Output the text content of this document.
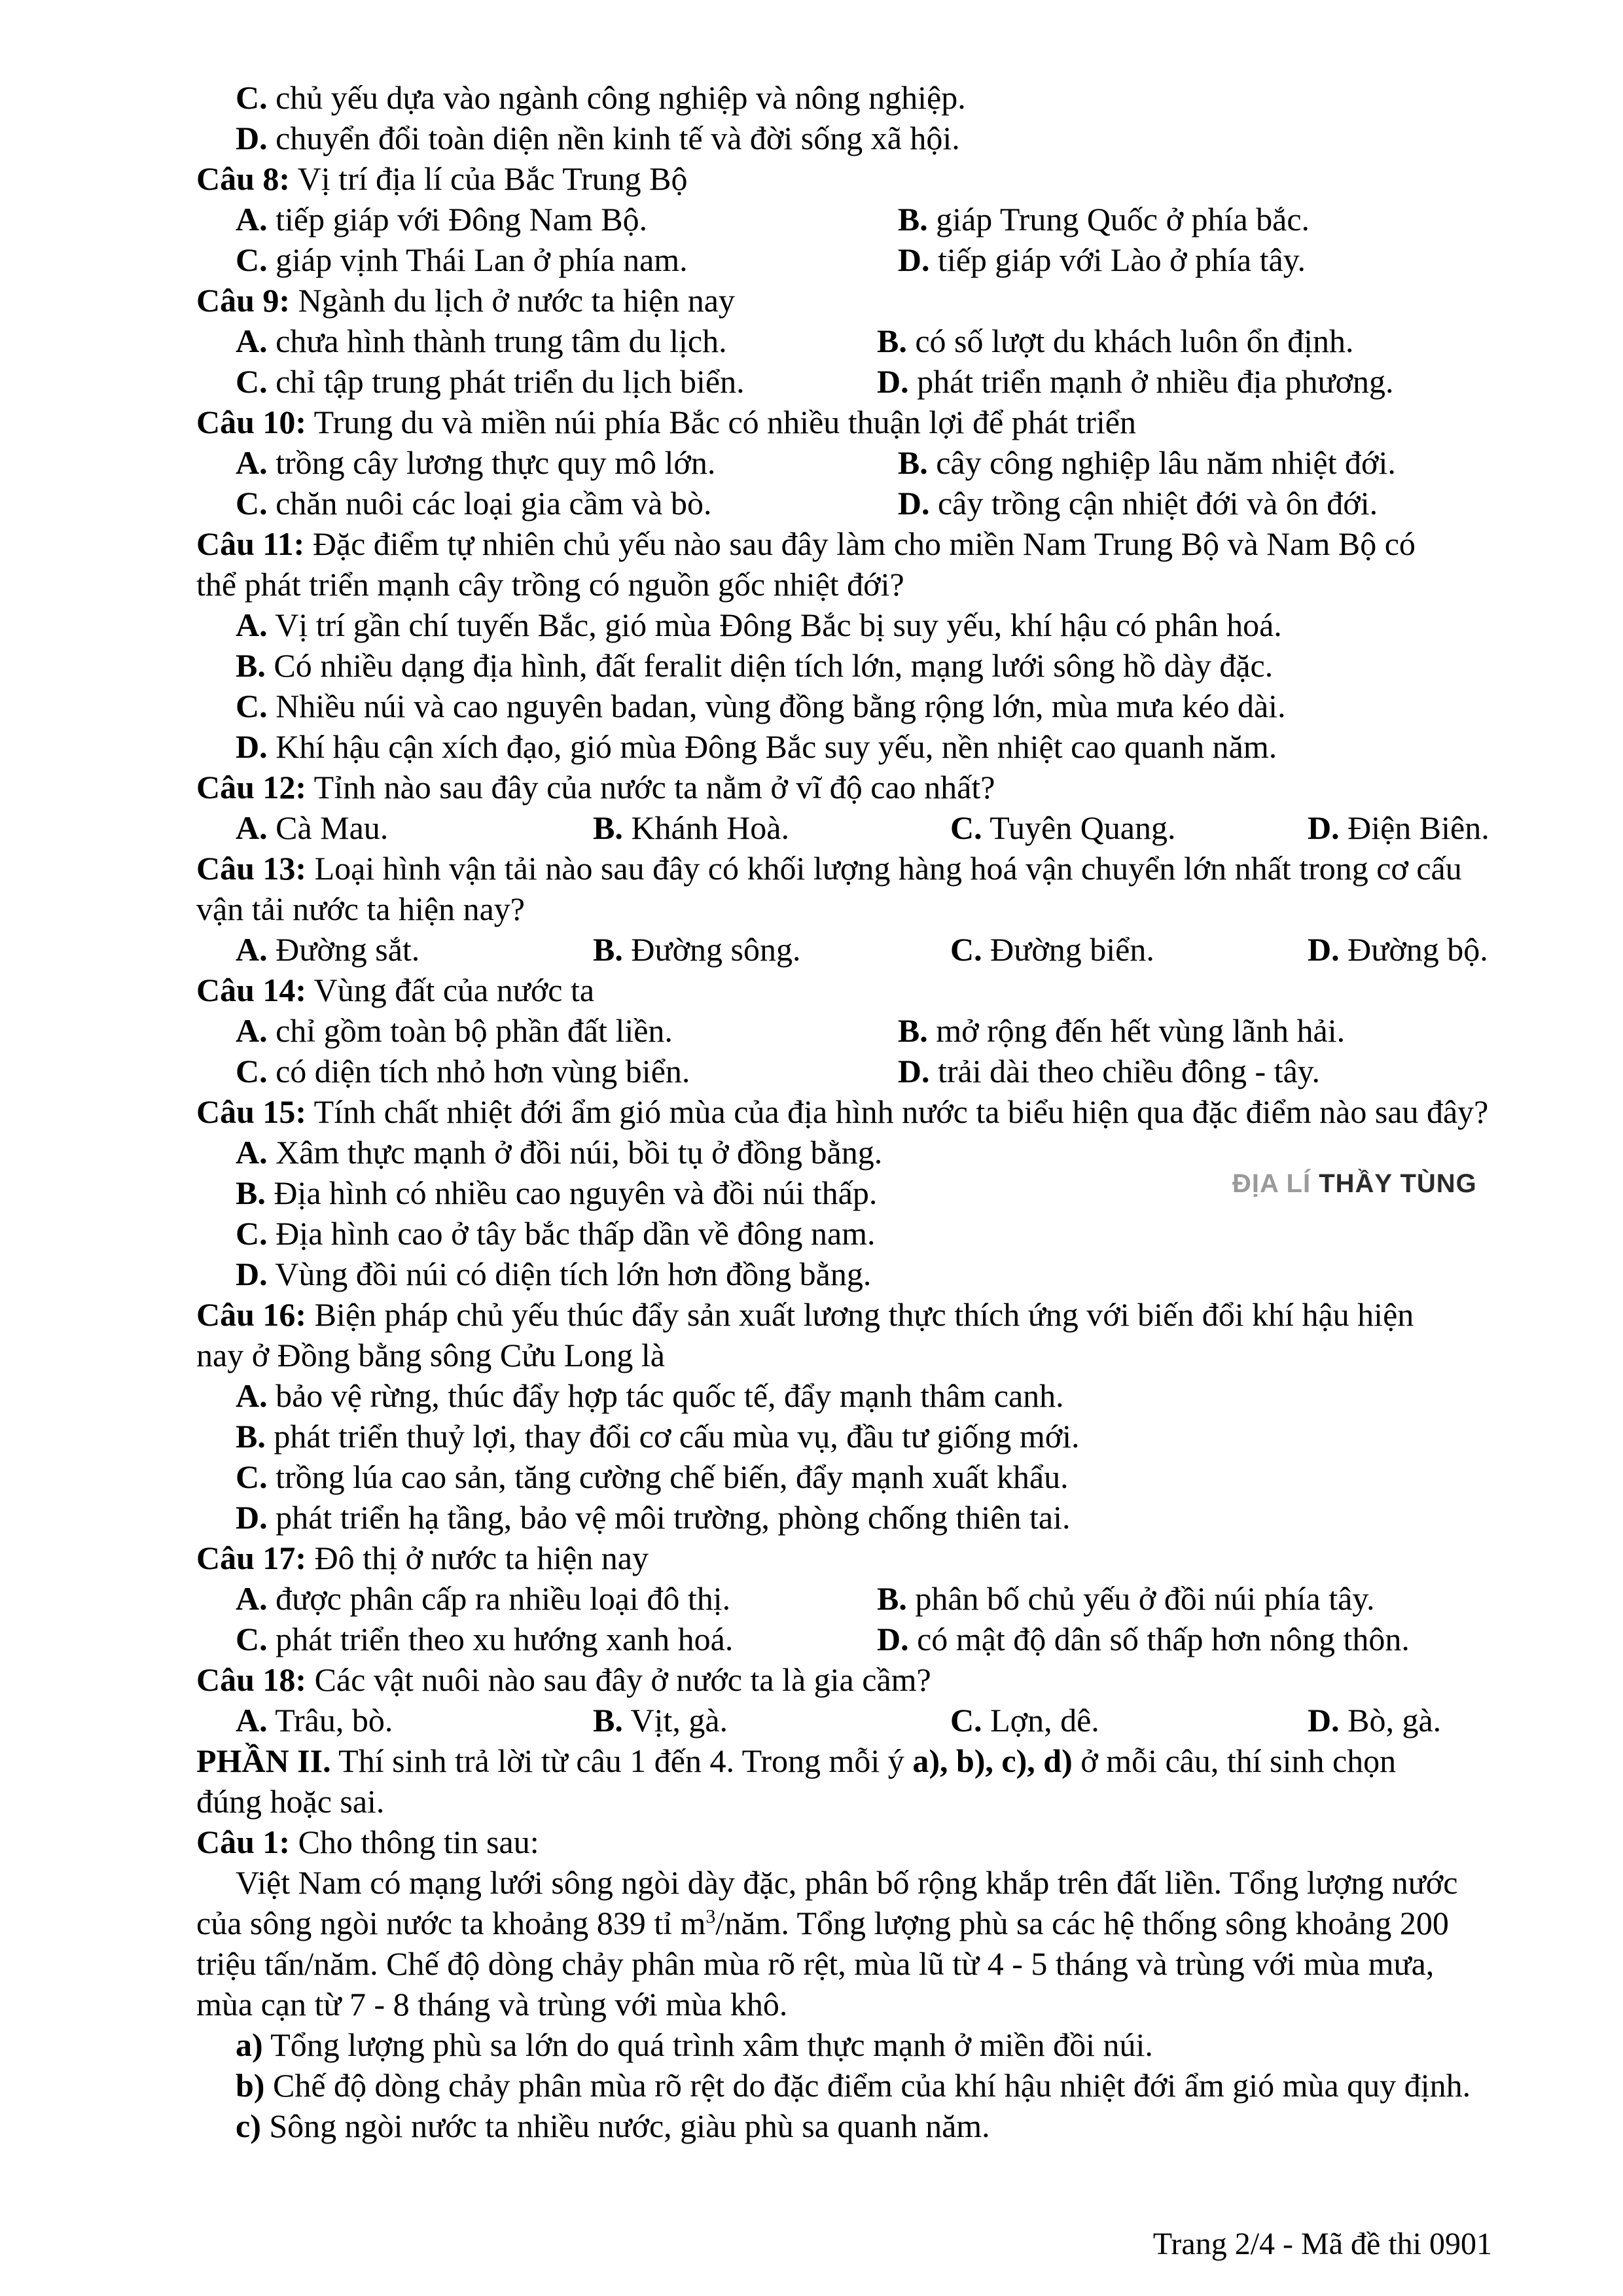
C. chủ yếu dựa vào ngành công nghiệp và nông nghiệp.
D. chuyển đổi toàn diện nền kinh tế và đời sống xã hội.
Câu 8: Vị trí địa lí của Bắc Trung Bộ
A. tiếp giáp với Đông Nam Bộ.	B. giáp Trung Quốc ở phía bắc.
C. giáp vịnh Thái Lan ở phía nam.	D. tiếp giáp với Lào ở phía tây.
Câu 9: Ngành du lịch ở nước ta hiện nay
A. chưa hình thành trung tâm du lịch.	B. có số lượt du khách luôn ổn định.
C. chỉ tập trung phát triển du lịch biển.	D. phát triển mạnh ở nhiều địa phương.
Câu 10: Trung du và miền núi phía Bắc có nhiều thuận lợi để phát triển
A. trồng cây lương thực quy mô lớn.	B. cây công nghiệp lâu năm nhiệt đới.
C. chăn nuôi các loại gia cầm và bò.	D. cây trồng cận nhiệt đới và ôn đới.
Câu 11: Đặc điểm tự nhiên chủ yếu nào sau đây làm cho miền Nam Trung Bộ và Nam Bộ có
thể phát triển mạnh cây trồng có nguồn gốc nhiệt đới?
A. Vị trí gần chí tuyến Bắc, gió mùa Đông Bắc bị suy yếu, khí hậu có phân hoá.
B. Có nhiều dạng địa hình, đất feralit diện tích lớn, mạng lưới sông hồ dày đặc.
C. Nhiều núi và cao nguyên badan, vùng đồng bằng rộng lớn, mùa mưa kéo dài.
D. Khí hậu cận xích đạo, gió mùa Đông Bắc suy yếu, nền nhiệt cao quanh năm.
Câu 12: Tỉnh nào sau đây của nước ta nằm ở vĩ độ cao nhất?
A. Cà Mau.	B. Khánh Hoà.	C. Tuyên Quang.	D. Điện Biên.
Câu 13: Loại hình vận tải nào sau đây có khối lượng hàng hoá vận chuyển lớn nhất trong cơ cấu
vận tải nước ta hiện nay?
A. Đường sắt.	B. Đường sông.	C. Đường biển.	D. Đường bộ.
Câu 14: Vùng đất của nước ta
A. chỉ gồm toàn bộ phần đất liền.	B. mở rộng đến hết vùng lãnh hải.
C. có diện tích nhỏ hơn vùng biển.	D. trải dài theo chiều đông - tây.
Câu 15: Tính chất nhiệt đới ẩm gió mùa của địa hình nước ta biểu hiện qua đặc điểm nào sau đây?
A. Xâm thực mạnh ở đồi núi, bồi tụ ở đồng bằng.
B. Địa hình có nhiều cao nguyên và đồi núi thấp.
C. Địa hình cao ở tây bắc thấp dần về đông nam.
D. Vùng đồi núi có diện tích lớn hơn đồng bằng.
Câu 16: Biện pháp chủ yếu thúc đẩy sản xuất lương thực thích ứng với biến đổi khí hậu hiện
nay ở Đồng bằng sông Cửu Long là
A. bảo vệ rừng, thúc đẩy hợp tác quốc tế, đẩy mạnh thâm canh.
B. phát triển thuỷ lợi, thay đổi cơ cấu mùa vụ, đầu tư giống mới.
C. trồng lúa cao sản, tăng cường chế biến, đẩy mạnh xuất khẩu.
D. phát triển hạ tầng, bảo vệ môi trường, phòng chống thiên tai.
Câu 17: Đô thị ở nước ta hiện nay
A. được phân cấp ra nhiều loại đô thị.	B. phân bố chủ yếu ở đồi núi phía tây.
C. phát triển theo xu hướng xanh hoá.	D. có mật độ dân số thấp hơn nông thôn.
Câu 18: Các vật nuôi nào sau đây ở nước ta là gia cầm?
A. Trâu, bò.	B. Vịt, gà.	C. Lợn, dê.	D. Bò, gà.
PHẦN II. Thí sinh trả lời từ câu 1 đến 4. Trong mỗi ý a), b), c), d) ở mỗi câu, thí sinh chọn
đúng hoặc sai.
Câu 1: Cho thông tin sau:
Việt Nam có mạng lưới sông ngòi dày đặc, phân bố rộng khắp trên đất liền. Tổng lượng nước
của sông ngòi nước ta khoảng 839 tỉ $m^3$/năm. Tổng lượng phù sa các hệ thống sông khoảng 200
triệu tấn/năm. Chế độ dòng chảy phân mùa rõ rệt, mùa lũ từ 4 - 5 tháng và trùng với mùa mưa,
mùa cạn từ 7 - 8 tháng và trùng với mùa khô.
a) Tổng lượng phù sa lớn do quá trình xâm thực mạnh ở miền đồi núi.
b) Chế độ dòng chảy phân mùa rõ rệt do đặc điểm của khí hậu nhiệt đới ẩm gió mùa quy định.
c) Sông ngòi nước ta nhiều nước, giàu phù sa quanh năm.
ĐỊA LÍ THẦY TÙNG
Trang 2/4 - Mã đề thi 0901
